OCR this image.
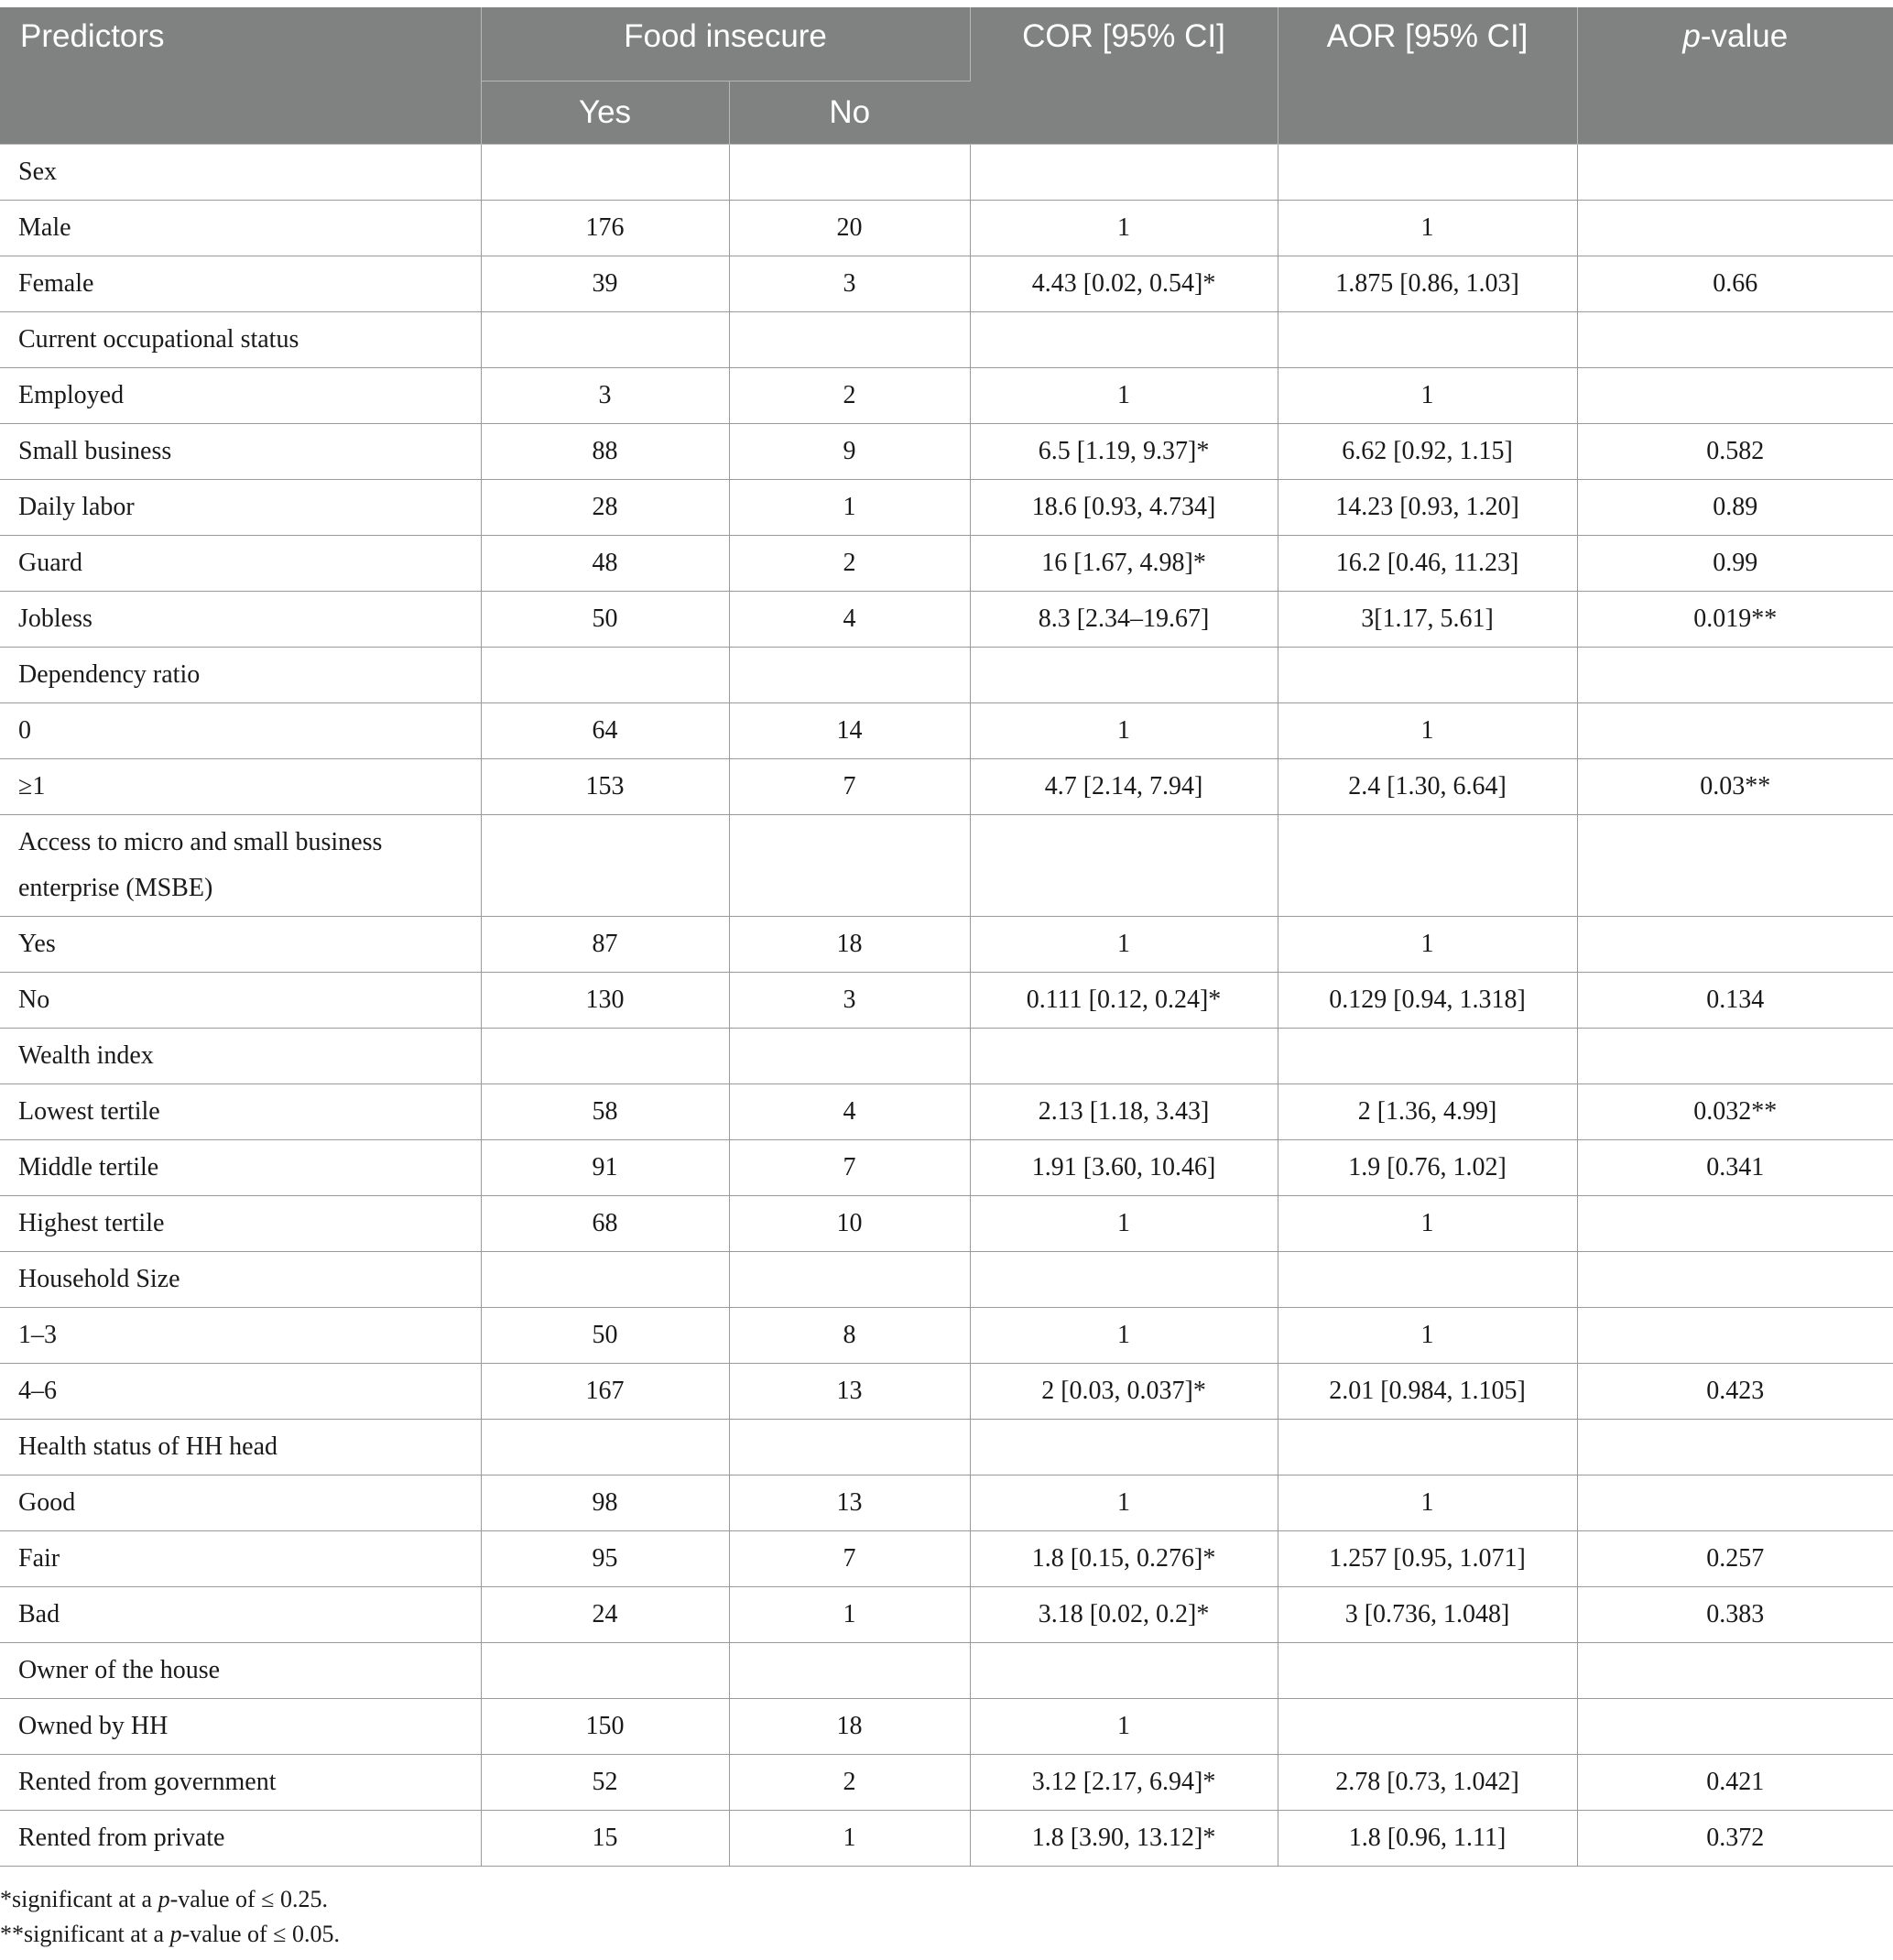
Predictors	Food insecure		COR [95% CI]	AOR [95% CI]	p-value
	Yes	No			
Sex					
Male	176	20	1	1	
Female	39	3	4.43 [0.02, 0.54]*	1.875 [0.86, 1.03]	0.66
Current occupational status					
Employed	3	2	1	1	
Small business	88	9	6.5 [1.19, 9.37]*	6.62 [0.92, 1.15]	0.582
Daily labor	28	1	18.6 [0.93, 4.734]	14.23 [0.93, 1.20]	0.89
Guard	48	2	16 [1.67, 4.98]*	16.2 [0.46, 11.23]	0.99
Jobless	50	4	8.3 [2.34–19.67]	3[1.17, 5.61]	0.019**
Dependency ratio					
0	64	14	1	1	
≥1	153	7	4.7 [2.14, 7.94]	2.4 [1.30, 6.64]	0.03**
Access to micro and small business enterprise (MSBE)					
Yes	87	18	1	1	
No	130	3	0.111 [0.12, 0.24]*	0.129 [0.94, 1.318]	0.134
Wealth index					
Lowest tertile	58	4	2.13 [1.18, 3.43]	2 [1.36, 4.99]	0.032**
Middle tertile	91	7	1.91 [3.60, 10.46]	1.9 [0.76, 1.02]	0.341
Highest tertile	68	10	1	1	
Household Size					
1–3	50	8	1	1	
4–6	167	13	2 [0.03, 0.037]*	2.01 [0.984, 1.105]	0.423
Health status of HH head					
Good	98	13	1	1	
Fair	95	7	1.8 [0.15, 0.276]*	1.257 [0.95, 1.071]	0.257
Bad	24	1	3.18 [0.02, 0.2]*	3 [0.736, 1.048]	0.383
Owner of the house					
Owned by HH	150	18	1		
Rented from government	52	2	3.12 [2.17, 6.94]*	2.78 [0.73, 1.042]	0.421
Rented from private	15	1	1.8 [3.90, 13.12]*	1.8 [0.96, 1.11]	0.372
*significant at a p-value of ≤ 0.25.
**significant at a p-value of ≤ 0.05.
